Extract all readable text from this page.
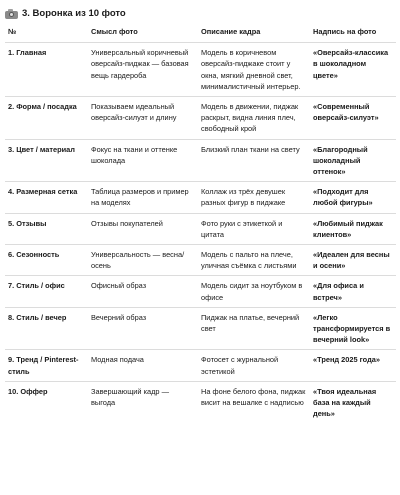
3. Воронка из 10 фото
№	Смысл фото	Описание кадра	Надпись на фото
1. Главная	Универсальный коричневый оверсайз-пиджак — базовая вещь гардероба	Модель в коричневом оверсайз-пиджаке стоит у окна, мягкий дневной свет, минималистичный интерьер.	«Оверсайз-классика в шоколадном цвете»
2. Форма / посадка	Показываем идеальный оверсайз-силуэт и длину	Модель в движении, пиджак раскрыт, видна линия плеч, свободный крой	«Современный оверсайз-силуэт»
3. Цвет / материал	Фокус на ткани и оттенке шоколада	Близкий план ткани на свету	«Благородный шоколадный оттенок»
4. Размерная сетка	Таблица размеров и пример на моделях	Коллаж из трёх девушек разных фигур в пиджаке	«Подходит для любой фигуры»
5. Отзывы	Отзывы покупателей	Фото руки с этикеткой и цитата	«Любимый пиджак клиентов»
6. Сезонность	Универсальность — весна/осень	Модель с пальто на плече, уличная съёмка с листьями	«Идеален для весны и осени»
7. Стиль / офис	Офисный образ	Модель сидит за ноутбуком в офисе	«Для офиса и встреч»
8. Стиль / вечер	Вечерний образ	Пиджак на платье, вечерний свет	«Легко трансформируется в вечерний look»
9. Тренд / Pinterest-стиль	Модная подача	Фотосет с журнальной эстетикой	«Тренд 2025 года»
10. Оффер	Завершающий кадр — выгода	На фоне белого фона, пиджак висит на вешалке с надписью	«Твоя идеальная база на каждый день»
